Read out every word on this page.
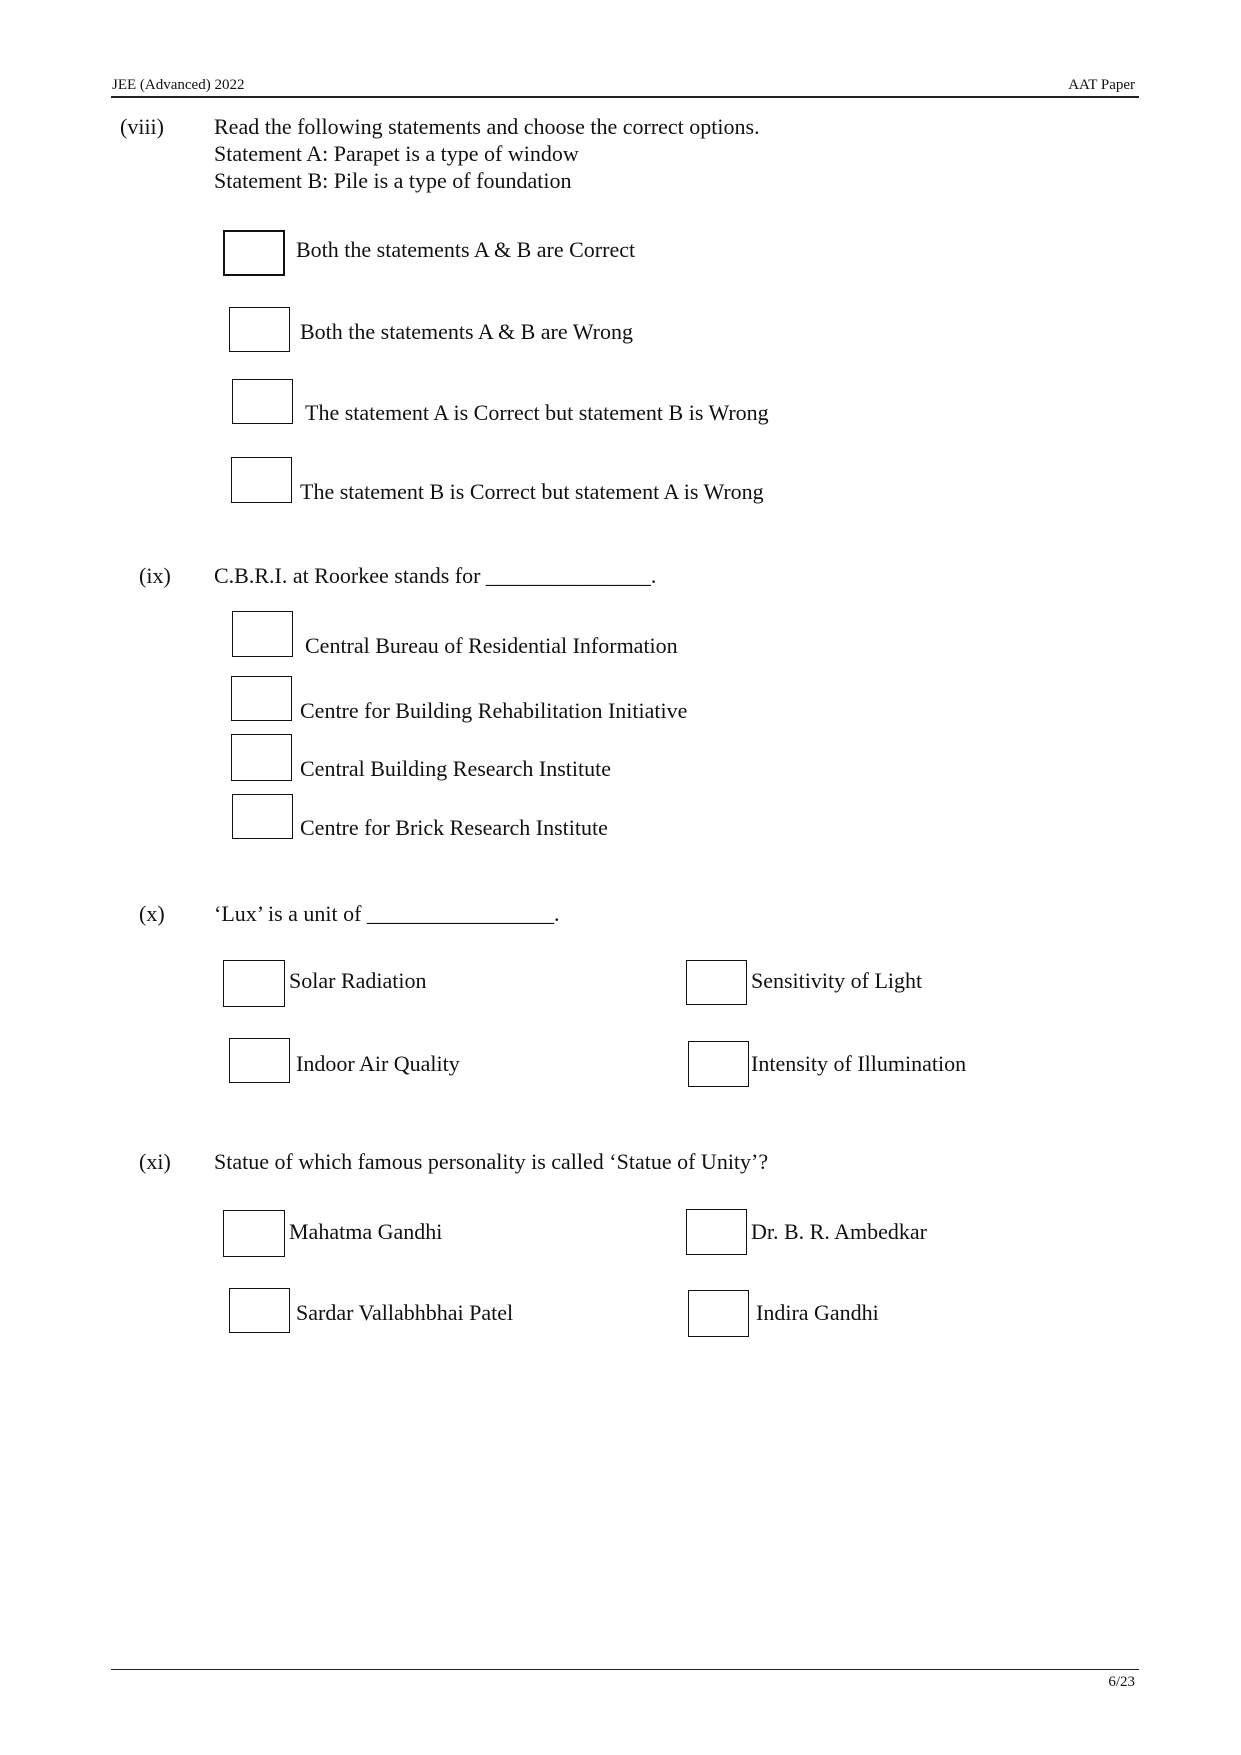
JEE (Advanced) 2022	AAT Paper
(viii) Read the following statements and choose the correct options.
Statement A: Parapet is a type of window
Statement B: Pile is a type of foundation
Both the statements A & B are Correct
Both the statements A & B are Wrong
The statement A is Correct but statement B is Wrong
The statement B is Correct but statement A is Wrong
(ix) C.B.R.I. at Roorkee stands for _______________.
Central Bureau of Residential Information
Centre for Building Rehabilitation Initiative
Central Building Research Institute
Centre for Brick Research Institute
(x) ‘Lux’ is a unit of _________________.
Solar Radiation	Sensitivity of Light
Indoor Air Quality	Intensity of Illumination
(xi) Statue of which famous personality is called ‘Statue of Unity’?
Mahatma Gandhi	Dr. B. R. Ambedkar
Sardar Vallabhbhai Patel	Indira Gandhi
6/23
